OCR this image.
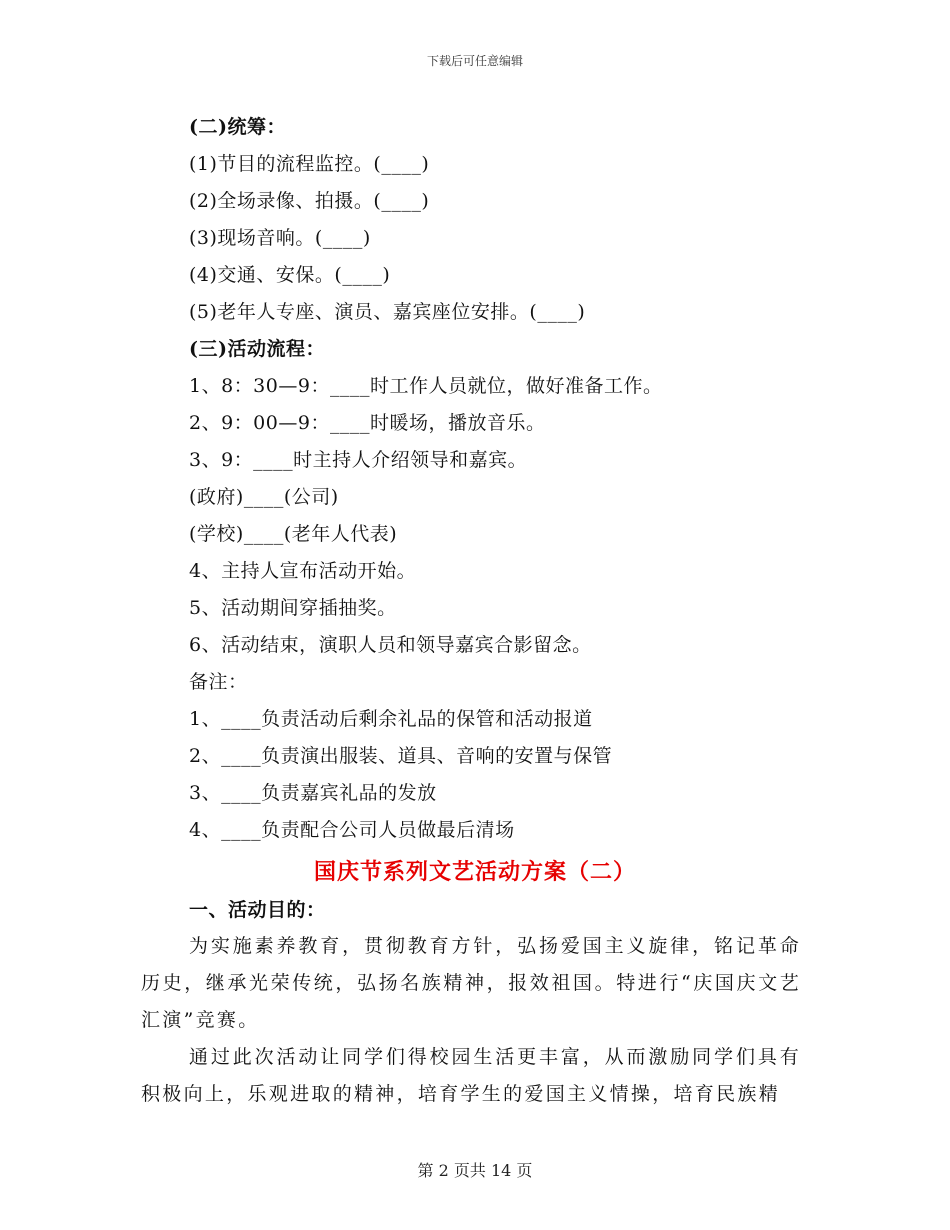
下载后可任意编辑
(二)统筹：
(1)节目的流程监控。(____)
(2)全场录像、拍摄。(____)
(3)现场音响。(____)
(4)交通、安保。(____)
(5)老年人专座、演员、嘉宾座位安排。(____)
(三)活动流程：
1、8：30—9：____时工作人员就位，做好准备工作。
2、9：00—9：____时暖场，播放音乐。
3、9：____时主持人介绍领导和嘉宾。
(政府)____(公司)
(学校)____(老年人代表)
4、主持人宣布活动开始。
5、活动期间穿插抽奖。
6、活动结束，演职人员和领导嘉宾合影留念。
备注：
1、____负责活动后剩余礼品的保管和活动报道
2、____负责演出服装、道具、音响的安置与保管
3、____负责嘉宾礼品的发放
4、____负责配合公司人员做最后清场
国庆节系列文艺活动方案（二）
一、活动目的：
为实施素养教育，贯彻教育方针，弘扬爱国主义旋律，铭记革命历史，继承光荣传统，弘扬名族精神，报效祖国。特进行“庆国庆文艺汇演”竞赛。
通过此次活动让同学们得校园生活更丰富，从而激励同学们具有积极向上，乐观进取的精神，培育学生的爱国主义情操，培育民族精
第 2 页共 14 页
